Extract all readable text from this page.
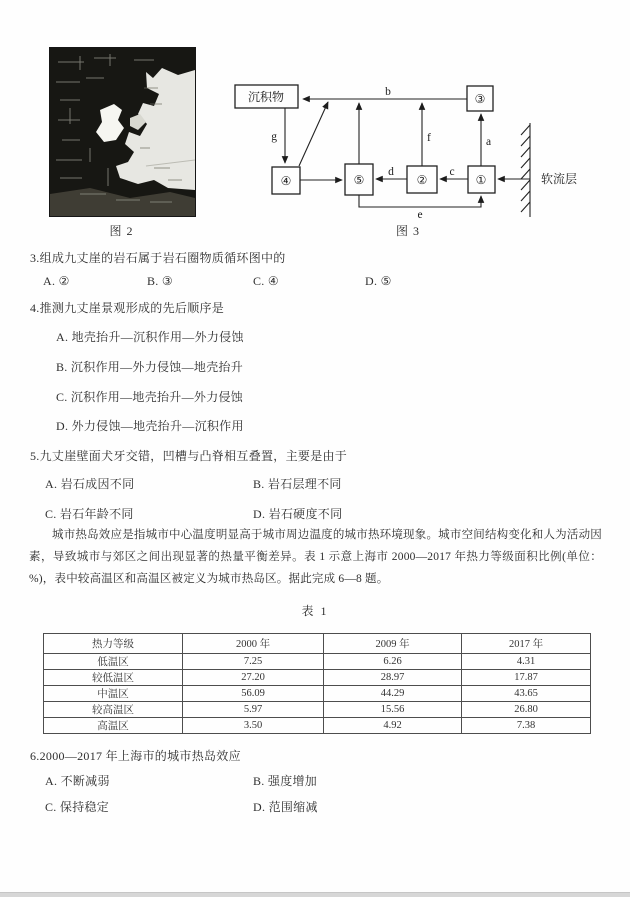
图 2
沉积物	③
④	⑤	②	①	软流层
b
g	f	a
c
d
e
图 3
3.组成九丈崖的岩石属于岩石圈物质循环图中的
A. ②	B. ③	C. ④	D. ⑤
4.推测九丈崖景观形成的先后顺序是
A. 地壳抬升—沉积作用—外力侵蚀
B. 沉积作用—外力侵蚀—地壳抬升
C. 沉积作用—地壳抬升—外力侵蚀
D. 外力侵蚀—地壳抬升—沉积作用
5.九丈崖壁面犬牙交错，凹槽与凸脊相互叠置，主要是由于
A. 岩石成因不同	B. 岩石层理不同
C. 岩石年龄不同	D. 岩石硬度不同
城市热岛效应是指城市中心温度明显高于城市周边温度的城市热环境现象。城市空间结构变化和人为活动因素，导致城市与郊区之间出现显著的热量平衡差异。表 1 示意上海市 2000—2017 年热力等级面积比例(单位：%)，表中较高温区和高温区被定义为城市热岛区。据此完成 6—8 题。
表 1
热力等级	2000 年	2009 年	2017 年
低温区	7.25	6.26	4.31
较低温区	27.20	28.97	17.87
中温区	56.09	44.29	43.65
较高温区	5.97	15.56	26.80
高温区	3.50	4.92	7.38
6.2000—2017 年上海市的城市热岛效应
A. 不断减弱	B. 强度增加
C. 保持稳定	D. 范围缩减
